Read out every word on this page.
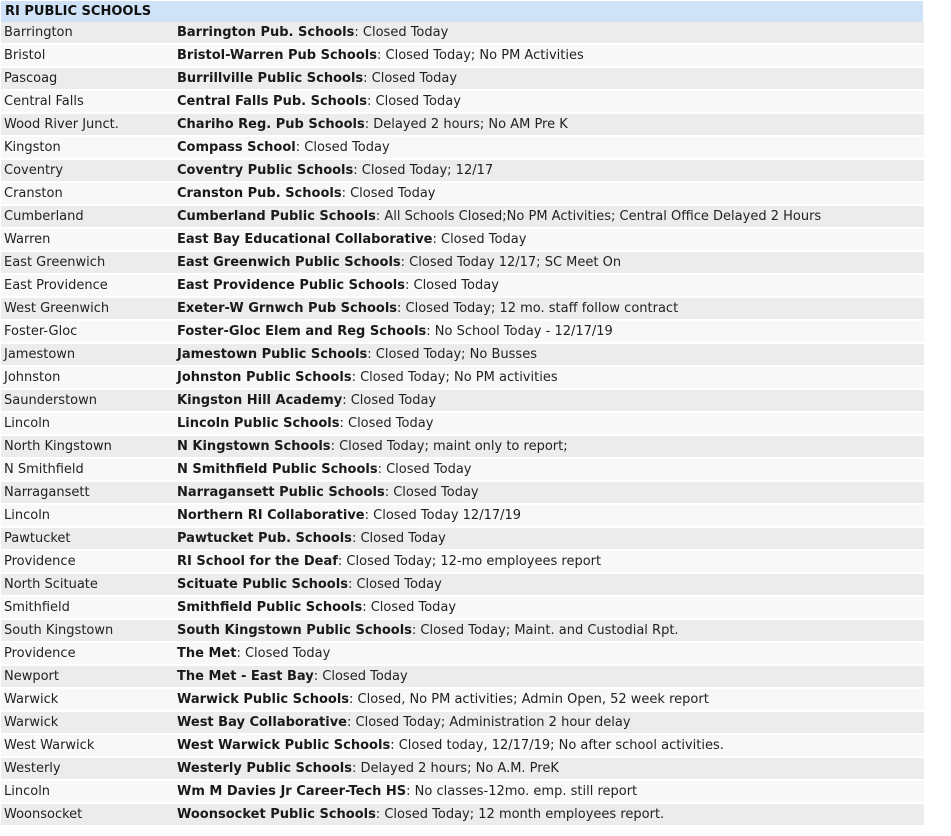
RI PUBLIC SCHOOLS
Barrington	Barrington Pub. Schools: Closed Today
Bristol	Bristol-Warren Pub Schools: Closed Today; No PM Activities
Pascoag	Burrillville Public Schools: Closed Today
Central Falls	Central Falls Pub. Schools: Closed Today
Wood River Junct.	Chariho Reg. Pub Schools: Delayed 2 hours; No AM Pre K
Kingston	Compass School: Closed Today
Coventry	Coventry Public Schools: Closed Today; 12/17
Cranston	Cranston Pub. Schools: Closed Today
Cumberland	Cumberland Public Schools: All Schools Closed;No PM Activities; Central Office Delayed 2 Hours
Warren	East Bay Educational Collaborative: Closed Today
East Greenwich	East Greenwich Public Schools: Closed Today 12/17; SC Meet On
East Providence	East Providence Public Schools: Closed Today
West Greenwich	Exeter-W Grnwch Pub Schools: Closed Today; 12 mo. staff follow contract
Foster-Gloc	Foster-Gloc Elem and Reg Schools: No School Today - 12/17/19
Jamestown	Jamestown Public Schools: Closed Today; No Busses
Johnston	Johnston Public Schools: Closed Today; No PM activities
Saunderstown	Kingston Hill Academy: Closed Today
Lincoln	Lincoln Public Schools: Closed Today
North Kingstown	N Kingstown Schools: Closed Today; maint only to report;
N Smithfield	N Smithfield Public Schools: Closed Today
Narragansett	Narragansett Public Schools: Closed Today
Lincoln	Northern RI Collaborative: Closed Today 12/17/19
Pawtucket	Pawtucket Pub. Schools: Closed Today
Providence	RI School for the Deaf: Closed Today; 12-mo employees report
North Scituate	Scituate Public Schools: Closed Today
Smithfield	Smithfield Public Schools: Closed Today
South Kingstown	South Kingstown Public Schools: Closed Today; Maint. and Custodial Rpt.
Providence	The Met: Closed Today
Newport	The Met - East Bay: Closed Today
Warwick	Warwick Public Schools: Closed, No PM activities; Admin Open, 52 week report
Warwick	West Bay Collaborative: Closed Today; Administration 2 hour delay
West Warwick	West Warwick Public Schools: Closed today, 12/17/19; No after school activities.
Westerly	Westerly Public Schools: Delayed 2 hours; No A.M. PreK
Lincoln	Wm M Davies Jr Career-Tech HS: No classes-12mo. emp. still report
Woonsocket	Woonsocket Public Schools: Closed Today; 12 month employees report.
